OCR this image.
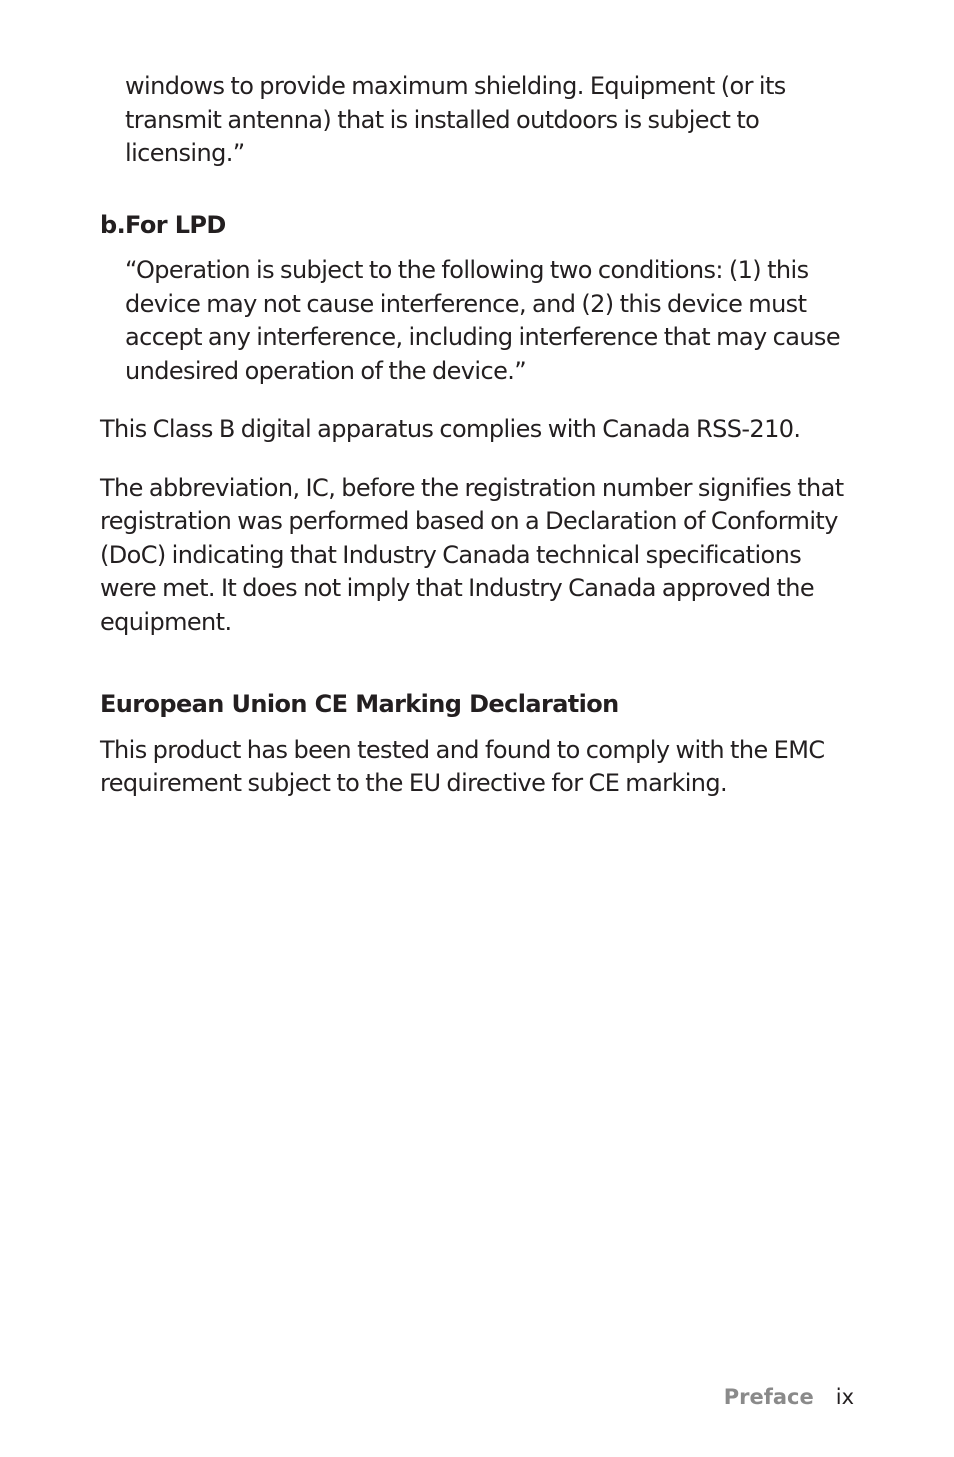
windows to provide maximum shielding. Equipment (or its transmit antenna) that is installed outdoors is subject to licensing.”

b.For LPD

“Operation is subject to the following two conditions: (1) this device may not cause interference, and (2) this device must accept any interference, including interference that may cause undesired operation of the device.”

This Class B digital apparatus complies with Canada RSS-210.

The abbreviation, IC, before the registration number signifies that registration was performed based on a Declaration of Conformity (DoC) indicating that Industry Canada technical specifications were met. It does not imply that Industry Canada approved the equipment.

European Union CE Marking Declaration

This product has been tested and found to comply with the EMC requirement subject to the EU directive for CE marking.

Preface ix
